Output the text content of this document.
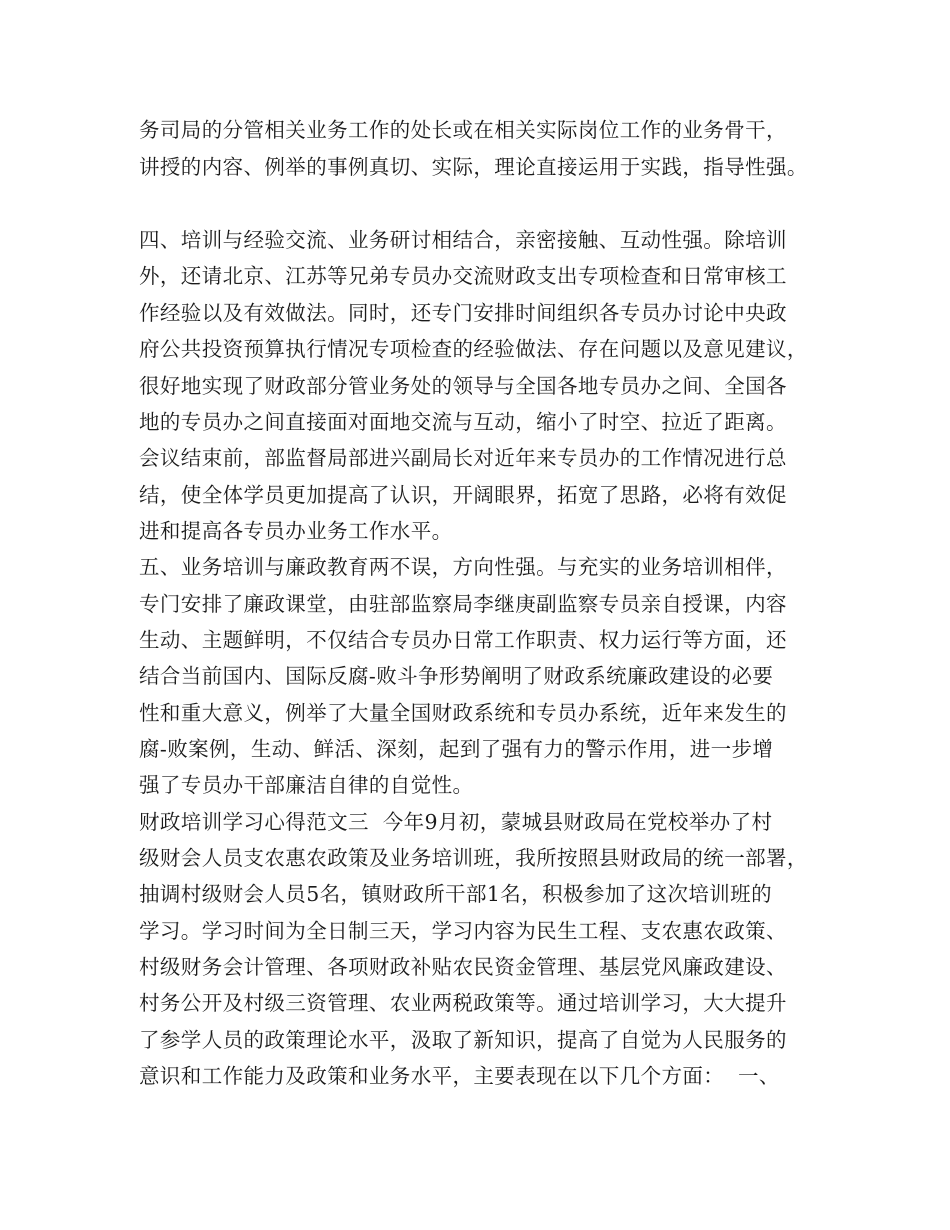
务司局的分管相关业务工作的处长或在相关实际岗位工作的业务骨干，
讲授的内容、例举的事例真切、实际，理论直接运用于实践，指导性强。
四、培训与经验交流、业务研讨相结合，亲密接触、互动性强。除培训
外，还请北京、江苏等兄弟专员办交流财政支出专项检查和日常审核工
作经验以及有效做法。同时，还专门安排时间组织各专员办讨论中央政
府公共投资预算执行情况专项检查的经验做法、存在问题以及意见建议，
很好地实现了财政部分管业务处的领导与全国各地专员办之间、全国各
地的专员办之间直接面对面地交流与互动，缩小了时空、拉近了距离。
会议结束前，部监督局部进兴副局长对近年来专员办的工作情况进行总
结，使全体学员更加提高了认识，开阔眼界，拓宽了思路，必将有效促
进和提高各专员办业务工作水平。
五、业务培训与廉政教育两不误，方向性强。与充实的业务培训相伴，
专门安排了廉政课堂，由驻部监察局李继庚副监察专员亲自授课，内容
生动、主题鲜明，不仅结合专员办日常工作职责、权力运行等方面，还
结合当前国内、国际反腐-败斗争形势阐明了财政系统廉政建设的必要
性和重大意义，例举了大量全国财政系统和专员办系统，近年来发生的
腐-败案例，生动、鲜活、深刻，起到了强有力的警示作用，进一步增
强了专员办干部廉洁自律的自觉性。
财政培训学习心得范文三  今年9月初，蒙城县财政局在党校举办了村
级财会人员支农惠农政策及业务培训班，我所按照县财政局的统一部署，
抽调村级财会人员5名，镇财政所干部1名，积极参加了这次培训班的
学习。学习时间为全日制三天，学习内容为民生工程、支农惠农政策、
村级财务会计管理、各项财政补贴农民资金管理、基层党风廉政建设、
村务公开及村级三资管理、农业两税政策等。通过培训学习，大大提升
了参学人员的政策理论水平，汲取了新知识，提高了自觉为人民服务的
意识和工作能力及政策和业务水平，主要表现在以下几个方面：  一、
